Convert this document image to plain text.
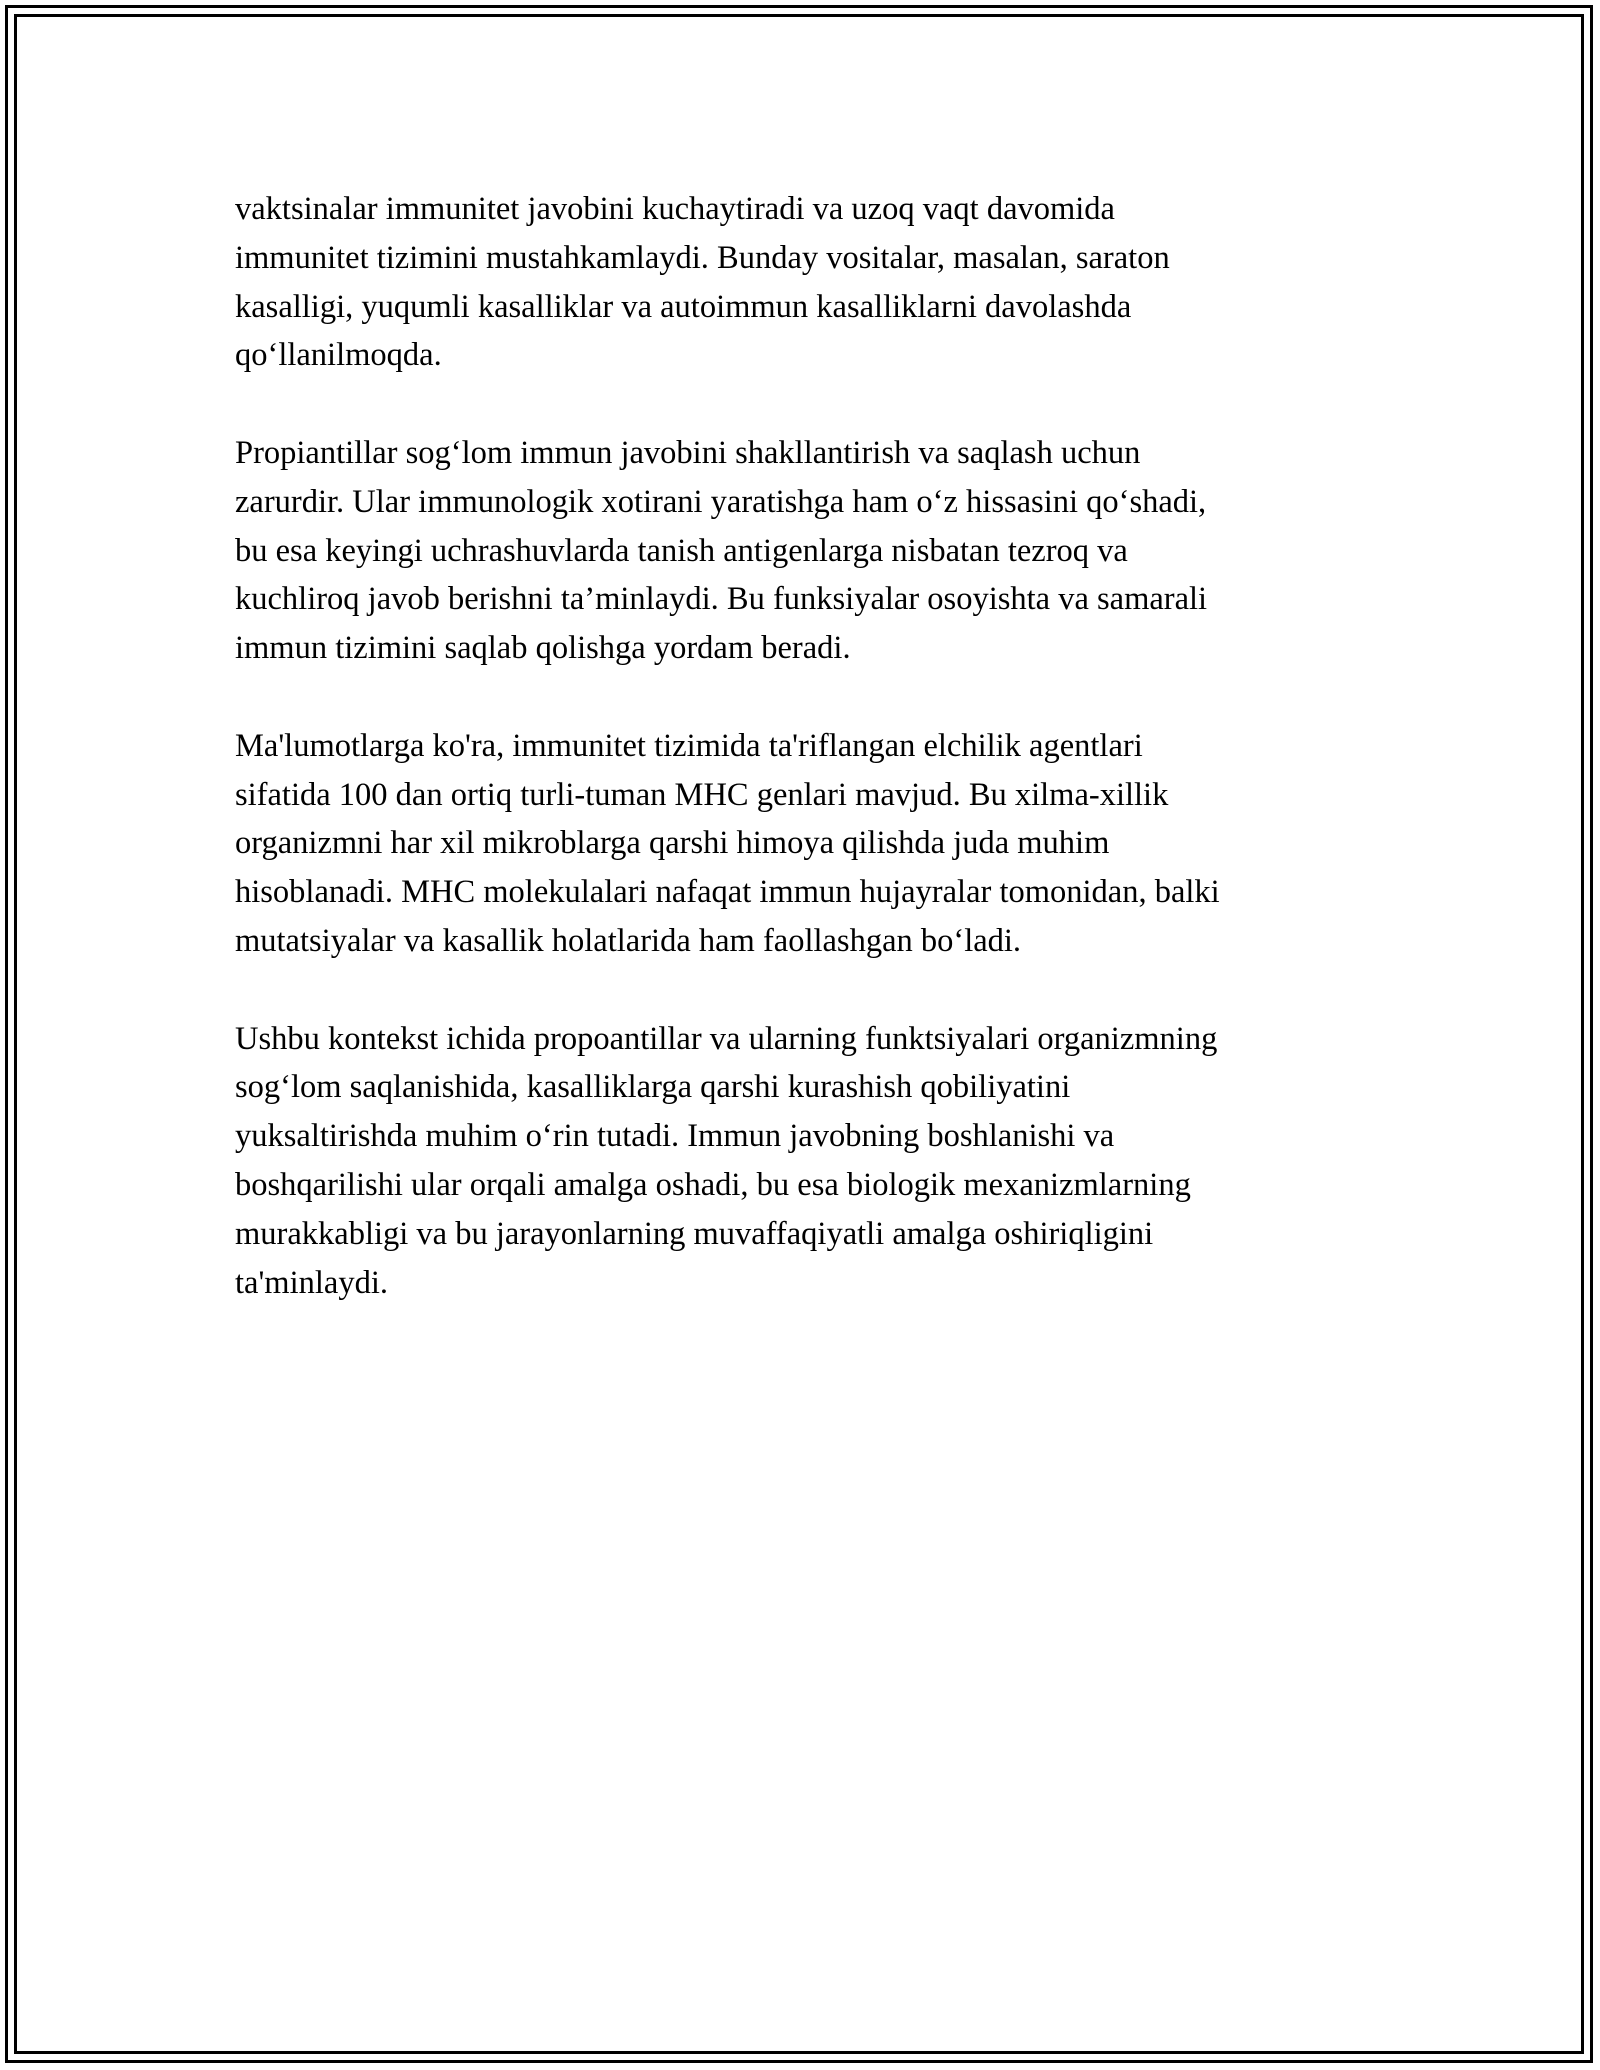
vaktsinalar immunitet javobini kuchaytiradi va uzoq vaqt davomida
immunitet tizimini mustahkamlaydi. Bunday vositalar, masalan, saraton
kasalligi, yuqumli kasalliklar va autoimmun kasalliklarni davolashda
qo‘llanilmoqda.

Propiantillar sog‘lom immun javobini shakllantirish va saqlash uchun
zarurdir. Ular immunologik xotirani yaratishga ham o‘z hissasini qo‘shadi,
bu esa keyingi uchrashuvlarda tanish antigenlarga nisbatan tezroq va
kuchliroq javob berishni ta’minlaydi. Bu funksiyalar osoyishta va samarali
immun tizimini saqlab qolishga yordam beradi.

Ma'lumotlarga ko'ra, immunitet tizimida ta'riflangan elchilik agentlari
sifatida 100 dan ortiq turli-tuman MHC genlari mavjud. Bu xilma-xillik
organizmni har xil mikroblarga qarshi himoya qilishda juda muhim
hisoblanadi. MHC molekulalari nafaqat immun hujayralar tomonidan, balki
mutatsiyalar va kasallik holatlarida ham faollashgan bo‘ladi.

Ushbu kontekst ichida propoantillar va ularning funktsiyalari organizmning
sog‘lom saqlanishida, kasalliklarga qarshi kurashish qobiliyatini
yuksaltirishda muhim o‘rin tutadi. Immun javobning boshlanishi va
boshqarilishi ular orqali amalga oshadi, bu esa biologik mexanizmlarning
murakkabligi va bu jarayonlarning muvaffaqiyatli amalga oshiriqligini
ta'minlaydi.
